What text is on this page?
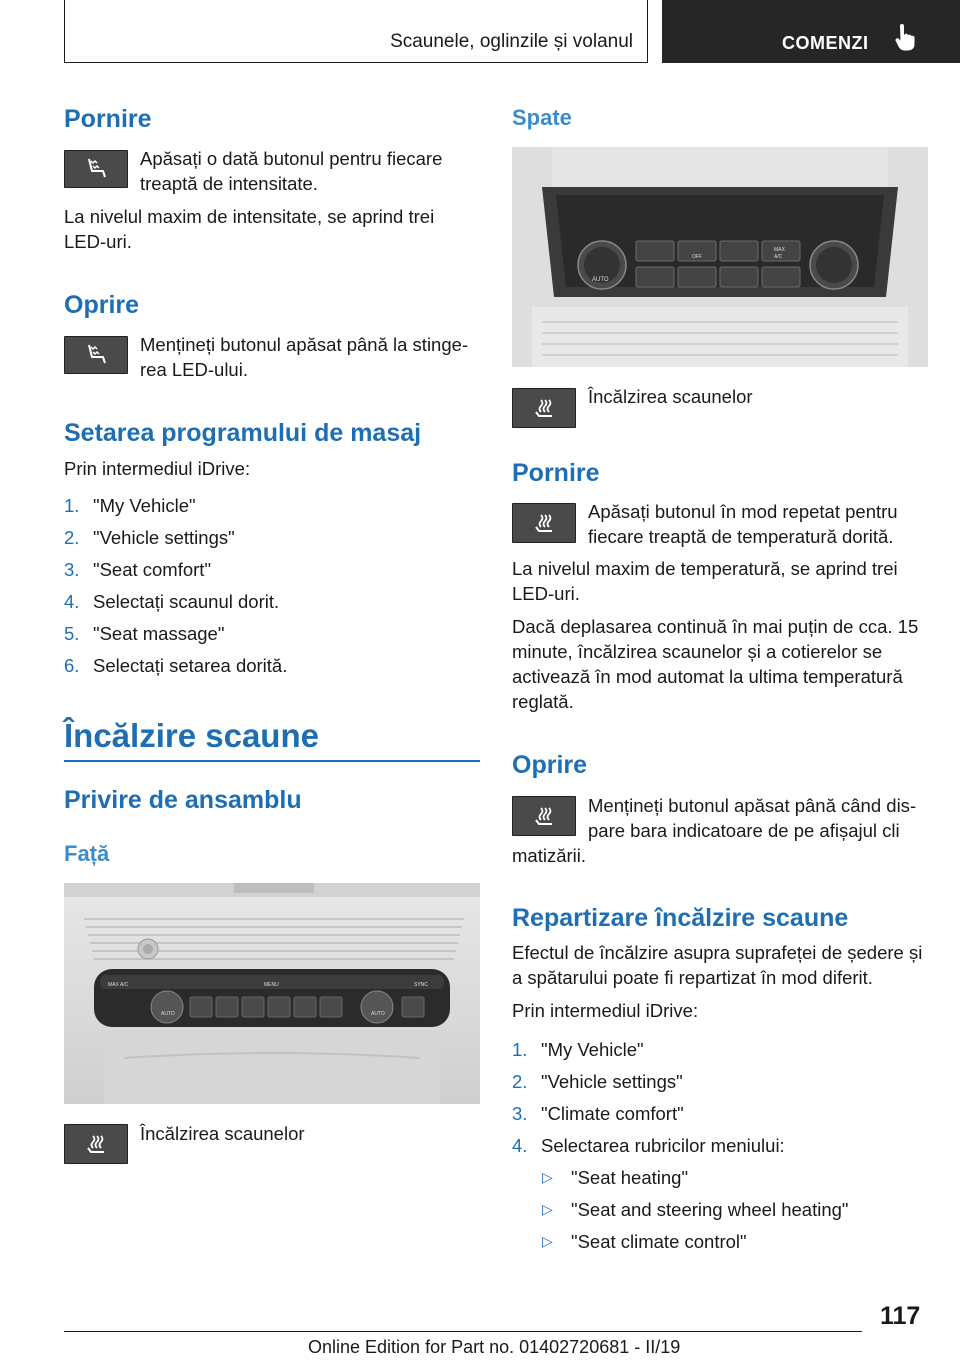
Scaunele, oglinzile și volanul	COMENZI
Pornire

Apăsați o dată butonul pentru fiecare treaptă de intensitate.

La nivelul maxim de intensitate, se aprind trei LED-uri.

Oprire

Mențineți butonul apăsat până la stingerea LED-ului.

Setarea programului de masaj

Prin intermediul iDrive:

1. "My Vehicle"
2. "Vehicle settings"
3. "Seat comfort"
4. Selectați scaunul dorit.
5. "Seat massage"
6. Selectați setarea dorită.
Încălzire scaune
Privire de ansamblu
Față
AUTO	AUTO
MENU
MAX A/C	SYNC

Încălzirea scaunelor

Spate
AUTO
OFF
MAX
A/C

Încălzirea scaunelor

Pornire

Apăsați butonul în mod repetat pentru fiecare treaptă de temperatură dorită.

La nivelul maxim de temperatură, se aprind trei LED-uri.

Dacă deplasarea continuă în mai puțin de cca. 15 minute, încălzirea scaunelor și a cotierelor se activează în mod automat la ultima temperatură reglată.

Oprire

Mențineți butonul apăsat până când dispare bara indicatoare de pe afișajul cli

matizării.

Repartizare încălzire scaune

Efectul de încălzire asupra suprafeței de ședere și a spătarului poate fi repartizat în mod diferit.

Prin intermediul iDrive:

1. "My Vehicle"
2. "Vehicle settings"
3. "Climate comfort"
4. Selectarea rubricilor meniului:
▷ "Seat heating"
▷ "Seat and steering wheel heating"
▷ "Seat climate control"
117
Online Edition for Part no. 01402720681 - II/19
